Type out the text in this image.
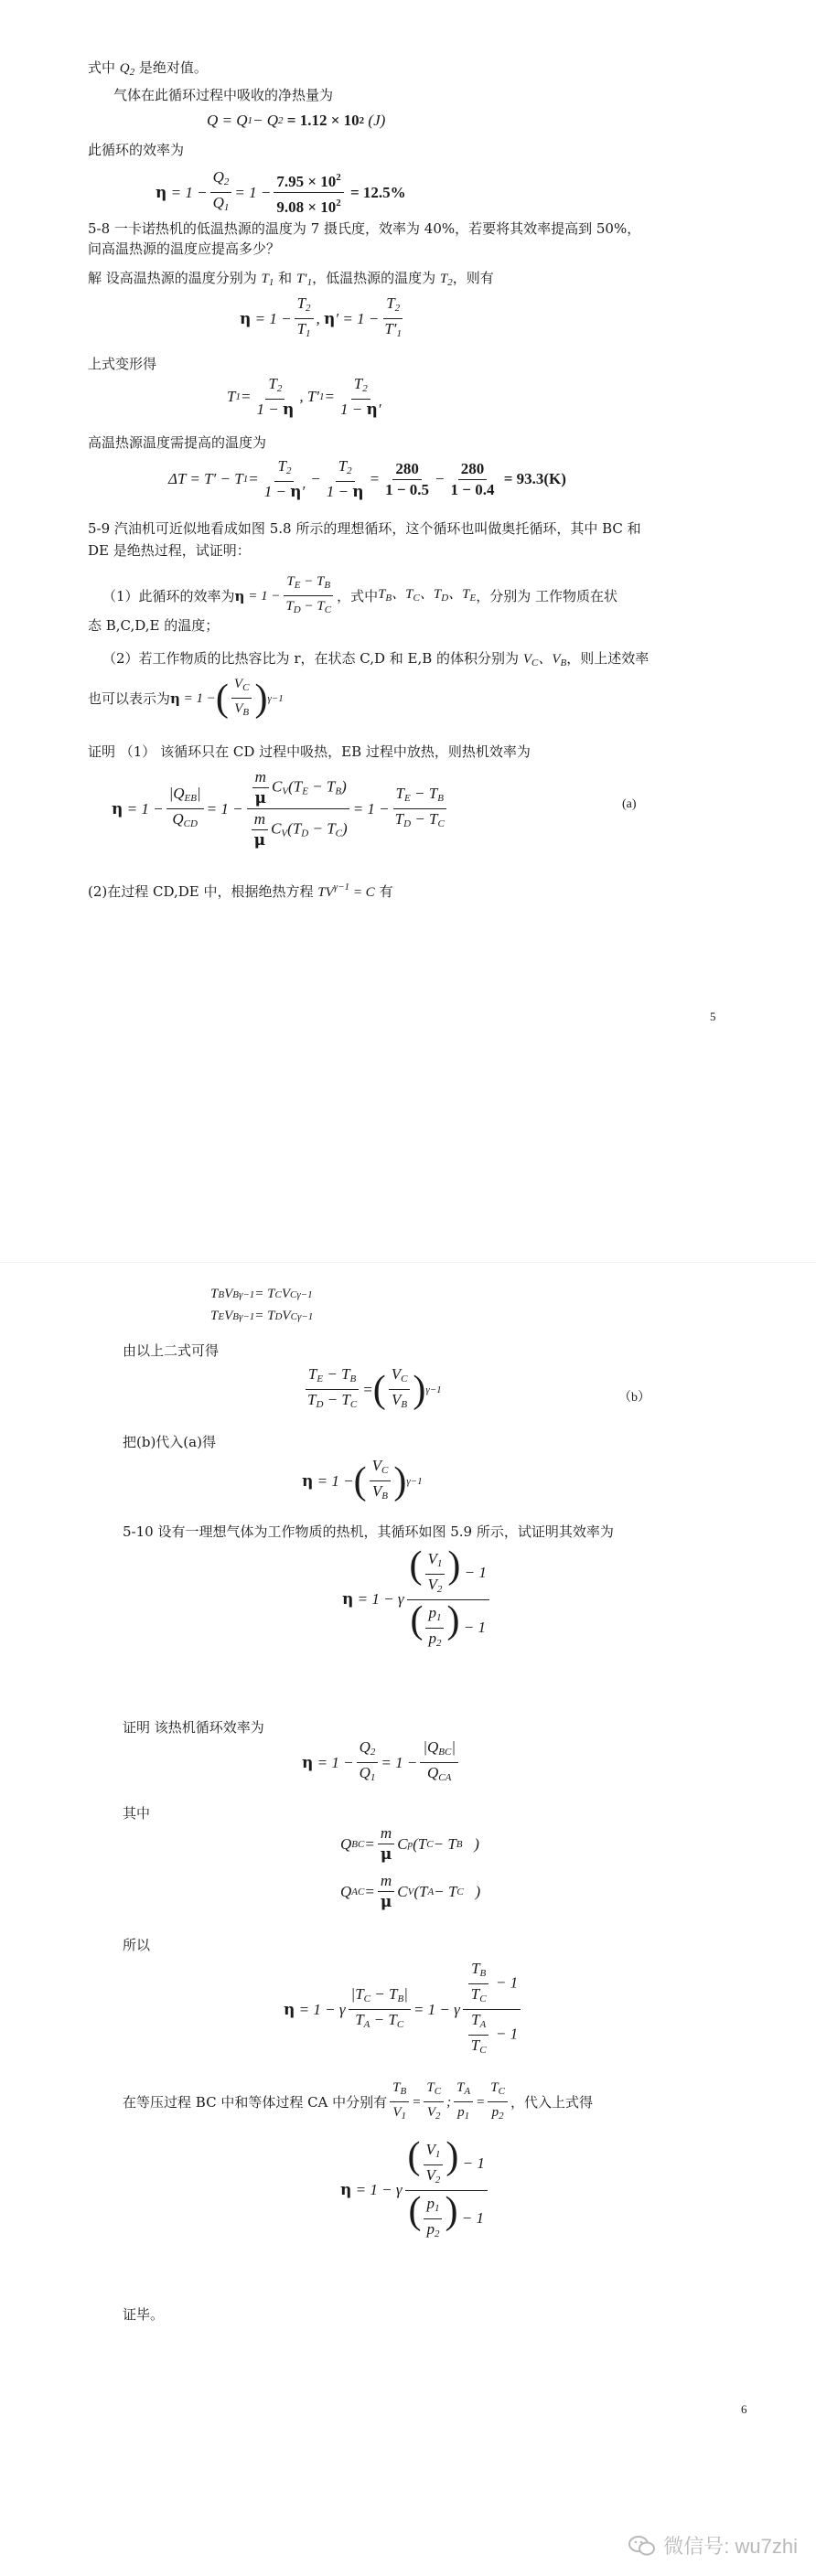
式中 $Q_2$ 是绝对值。
气体在此循环过程中吸收的净热量为
Q = Q 1 − Q 2
= 1.12 × 10 2
(J)
此循环的效率为
$\eta = 1 - \frac{Q_2}{Q_1} = 1 - \frac{7.95 \times 10^2}{9.08 \times 10^2}$
= 12.5%
5-8 一卡诺热机的低温热源的温度为 7 摄氏度，效率为 40%，若要将其效率提高到 50%，
问高温热源的温度应提高多少？
解 设高温热源的温度分别为 $T_1$ 和 $T'_1$，低温热源的温度为 $T_2$，则有
$\eta = 1 - \frac{T_2}{T_1}$ , η ′ = $1 - \frac{T_2}{T'_1}$
上式变形得
T $1 = \frac{T_2}{1 - \eta}$ , T′ $1 = \frac{T_2}{1 - \eta'}$
高温热源温度需提高的温度为
ΔT = T′ − T $1 = \frac{T_2}{1 - \eta'} - \frac{T_2}{1 - \eta} = \frac{280}{1 - 0.5} - \frac{280}{1 - 0.4}$
= 93.3(K)
5-9 汽油机可近似地看成如图 5.8 所示的理想循环，这个循环也叫做奥托循环，其中 BC 和
DE 是绝热过程，试证明：
（1）此循环的效率为 $\eta = 1 - \frac{T_E - T_B}{T_D - T_C}$ ，式中 $T_B$、$T_C$、$T_D$、$T_E$ ，分别为 工作物质在状
态 B,C,D,E 的温度；
（2）若工作物质的比热容比为 r，在状态 C,D 和 E,B 的体积分别为 $V_C$、$V_B$，则上述效率
也可以表示为 η = 1 − ( $\frac{V_C}{V_B}$ ) γ−1
证明 （1） 该循环只在 CD 过程中吸热，EB 过程中放热，则热机效率为
$\eta = 1 - \frac{|Q_{EB}|}{Q_{CD}} = 1 - \frac{\frac{m}{\mu} C_V(T_E - T_B)}{\frac{m}{\mu} C_V(T_D - T_C)} = 1 - \frac{T_E - T_B}{T_D - T_C}$	(a)
(2)在过程 CD,DE 中，根据绝热方程 $TV^{\gamma-1} = C$ 有
5
T B V B γ−1 = T C V C γ−1
T E V B γ−1 = T D V C γ−1
由以上二式可得
$\frac{T_E - T_B}{T_D - T_C}$ = ( $\frac{V_C}{V_B}$ ) γ−1
（b）
把(b)代入(a)得
η = 1 − ( $\frac{V_C}{V_B}$ ) γ−1
5-10 设有一理想气体为工作物质的热机，其循环如图 5.9 所示，试证明其效率为
η = 1 − γ $\frac{( \frac{V_1}{V_2} ) - 1}{( \frac{p_1}{p_2} ) - 1}$
证明 该热机循环效率为
$\eta = 1 - \frac{Q_2}{Q_1} = 1 - \frac{|Q_{BC}|}{Q_{CA}}$
其中
Q BC = $\frac{m}{\mu}$ C p (T C − T B )
Q AC = $\frac{m}{\mu}$ C V (T A − T C )
所以
η = 1 − γ $\frac{|T_C - T_B|}{T_A - T_C} = 1 - \gamma \frac{\frac{T_B}{T_C} - 1}{\frac{T_A}{T_C} - 1}$
在等压过程 BC 中和等体过程 CA 中分别有 $\frac{T_B}{V_1} = \frac{T_C}{V_2}$ ; $\frac{T_A}{p_1} = \frac{T_C}{p_2}$ ，代入上式得
η = 1 − γ $\frac{( \frac{V_1}{V_2} ) - 1}{( \frac{p_1}{p_2} ) - 1}$
证毕。
6
微信号: wu7zhi
